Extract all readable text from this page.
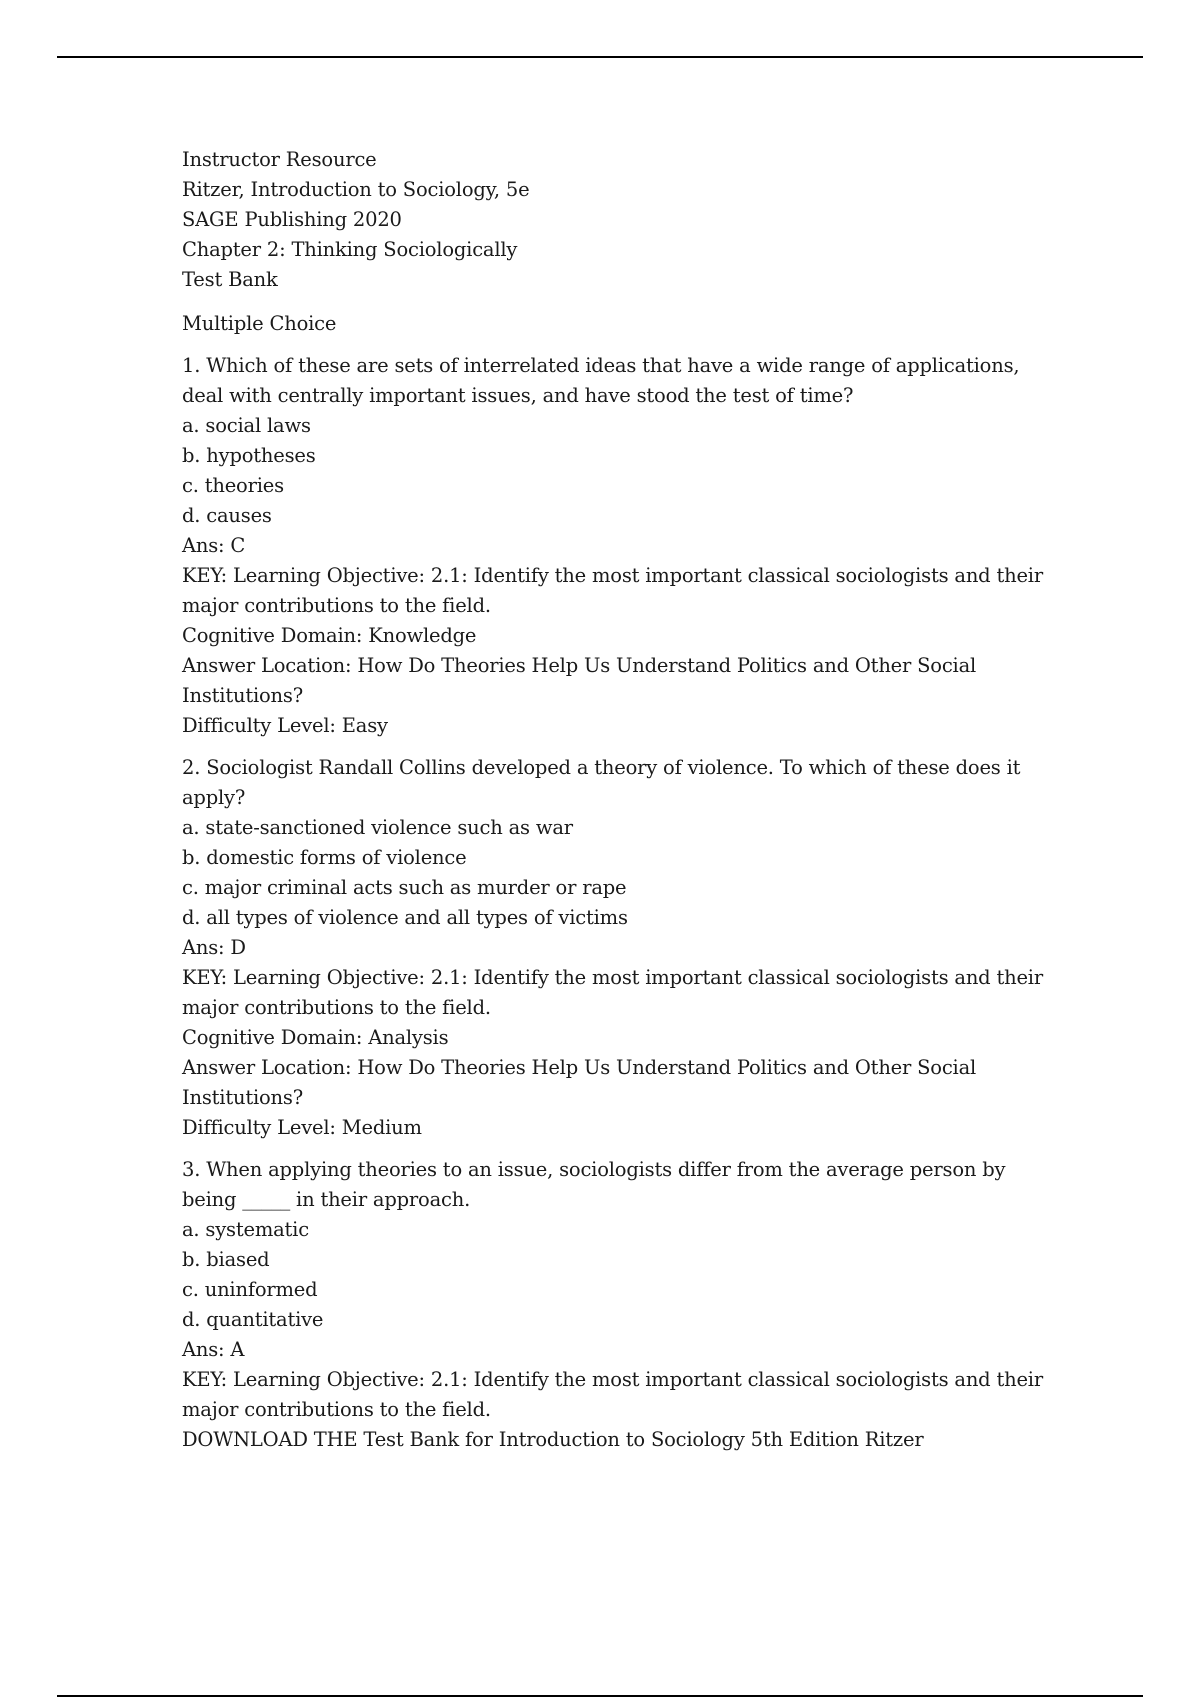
Instructor Resource
Ritzer, Introduction to Sociology, 5e
SAGE Publishing 2020
Chapter 2: Thinking Sociologically
Test Bank
Multiple Choice
1. Which of these are sets of interrelated ideas that have a wide range of applications,
deal with centrally important issues, and have stood the test of time?
a. social laws
b. hypotheses
c. theories
d. causes
Ans: C
KEY: Learning Objective: 2.1: Identify the most important classical sociologists and their
major contributions to the field.
Cognitive Domain: Knowledge
Answer Location: How Do Theories Help Us Understand Politics and Other Social
Institutions?
Difficulty Level: Easy
2. Sociologist Randall Collins developed a theory of violence. To which of these does it
apply?
a. state-sanctioned violence such as war
b. domestic forms of violence
c. major criminal acts such as murder or rape
d. all types of violence and all types of victims
Ans: D
KEY: Learning Objective: 2.1: Identify the most important classical sociologists and their
major contributions to the field.
Cognitive Domain: Analysis
Answer Location: How Do Theories Help Us Understand Politics and Other Social
Institutions?
Difficulty Level: Medium
3. When applying theories to an issue, sociologists differ from the average person by
being _____ in their approach.
a. systematic
b. biased
c. uninformed
d. quantitative
Ans: A
KEY: Learning Objective: 2.1: Identify the most important classical sociologists and their
major contributions to the field.
DOWNLOAD THE Test Bank for Introduction to Sociology 5th Edition Ritzer
